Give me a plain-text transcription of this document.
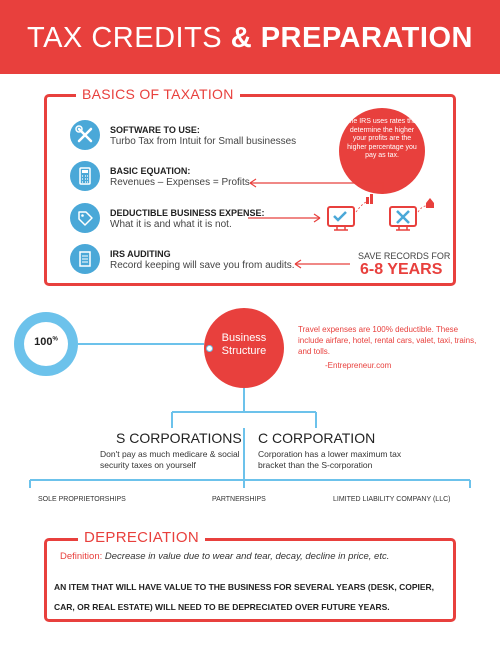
TAX CREDITS & PREPARATION
BASICS OF TAXATION
SOFTWARE TO USE:
Turbo Tax from Intuit for Small businesses
BASIC EQUATION:
Revenues – Expenses = Profits
DEDUCTIBLE BUSINESS EXPENSE:
What it is and what it is not.
IRS AUDITING
Record keeping will save you from audits.
The IRS uses rates that determine the higher your profits are the higher percentage you pay as tax.
SAVE RECORDS FOR
6-8 YEARS
100%	Business
Structure
Travel expenses are 100% deductible. These include airfare, hotel, rental cars, valet, taxi, trains, and tolls.
-Entrepreneur.com
S CORPORATIONS
Don't pay as much medicare & social security taxes on yourself
C CORPORATION
Corporation has a lower maximum tax bracket than the S-corporation
SOLE PROPRIETORSHIPS	PARTNERSHIPS	LIMITED LIABILITY COMPANY (LLC)
DEPRECIATION
Definition: Decrease in value due to wear and tear, decay, decline in price, etc.
AN ITEM THAT WILL HAVE VALUE TO THE BUSINESS FOR SEVERAL YEARS (DESK, COPIER, CAR, OR REAL ESTATE) WILL NEED TO BE DEPRECIATED OVER FUTURE YEARS.
